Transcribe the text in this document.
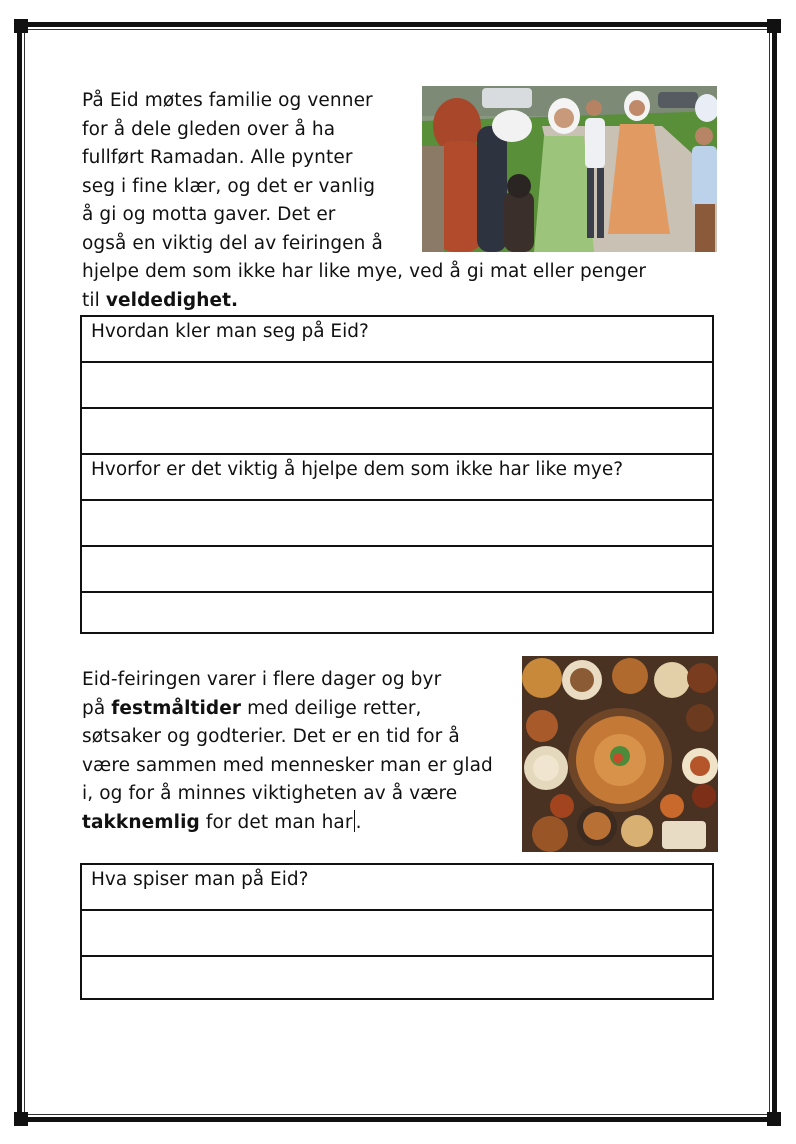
På Eid møtes familie og venner

for å dele gleden over å ha

fullført Ramadan. Alle pynter

seg i fine klær, og det er vanlig

å gi og motta gaver. Det er

også en viktig del av feiringen å

hjelpe dem som ikke har like mye, ved å gi mat eller penger

til veldedighet.

Hvordan kler man seg på Eid?
Hvorfor er det viktig å hjelpe dem som ikke har like mye?

Eid-feiringen varer i flere dager og byr

på festmåltider med deilige retter,

søtsaker og godterier. Det er en tid for å

være sammen med mennesker man er glad

i, og for å minnes viktigheten av å være

takknemlig for det man har .

Hva spiser man på Eid?
